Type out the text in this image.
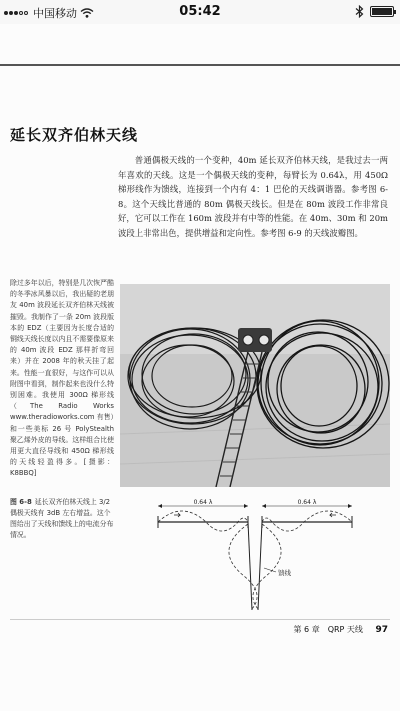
中国移动	05:42
延长双齐伯林天线

普通偶极天线的一个变种，40m 延长双齐伯林天线，是我过去一两年喜欢的天线。这是一个偶极天线的变种，每臂长为 0.64λ，用 450Ω 梯形线作为馈线，连接到一个内有 4：1 巴伦的天线调谐器。参考图 6-8。这个天线比普通的 80m 偶极天线长。但是在 80m 波段工作非常良好，它可以工作在 160m 波段并有中等的性能。在 40m、30m 和 20m 波段上非常出色，提供增益和定向性。参考图 6-9 的天线波瓣图。

除过多年以后，特别是几次恢严酷的冬季冰风暴以后，我出疑的老朋友 40m 波段延长双齐伯林天线被摧毁。我制作了一条 20m 波段版本的 EDZ（主要因为长度合适的铜线天线长度以内且不需要像原来的 40m 波段 EDZ 那样折弯回来）并在 2008 年的秋天挂了起来。性能一直很好，与这作可以从附图中看到，制作起来也没什么特别困难。我使用 300Ω 梯形线（The Radio Works www.theradioworks.com 有售）和一些美标 26 号 PolyStealth 聚乙烯外皮的导线。这样组合比使用更大直径导线和 450Ω 梯形线的天线轻盈得多。[摄影：K8BBQ]

图 6-8 延长双齐伯林天线上 3/2 偶极天线有 3dB 左右增益。这个图给出了天线和馈线上的电流分布情况。

0.64 λ	0.64 λ
馈线
第 6 章　QRP 天线 97
